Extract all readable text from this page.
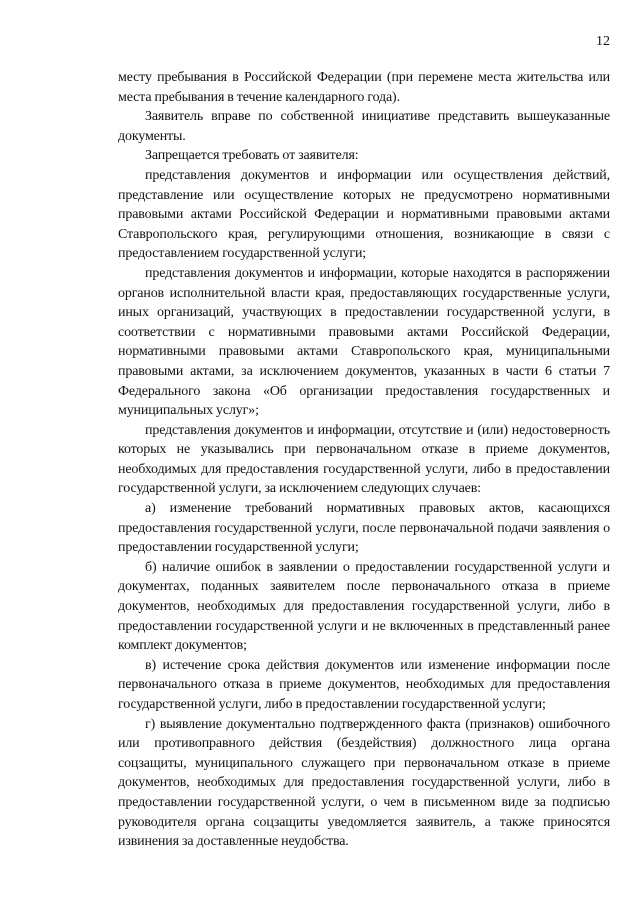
12

месту пребывания в Российской Федерации (при перемене места жительства или места пребывания в течение календарного года).

Заявитель вправе по собственной инициативе представить вышеуказанные документы.

Запрещается требовать от заявителя:

представления документов и информации или осуществления действий, представление или осуществление которых не предусмотрено нормативными правовыми актами Российской Федерации и нормативными правовыми актами Ставропольского края, регулирующими отношения, возникающие в связи с предоставлением государственной услуги;

представления документов и информации, которые находятся в распоряжении органов исполнительной власти края, предоставляющих государственные услуги, иных организаций, участвующих в предоставлении государственной услуги, в соответствии с нормативными правовыми актами Российской Федерации, нормативными правовыми актами Ставропольского края, муниципальными правовыми актами, за исключением документов, указанных в части 6 статьи 7 Федерального закона «Об организации предоставления государственных и муниципальных услуг»;

представления документов и информации, отсутствие и (или) недостоверность которых не указывались при первоначальном отказе в приеме документов, необходимых для предоставления государственной услуги, либо в предоставлении государственной услуги, за исключением следующих случаев:

а) изменение требований нормативных правовых актов, касающихся предоставления государственной услуги, после первоначальной подачи заявления о предоставлении государственной услуги;

б) наличие ошибок в заявлении о предоставлении государственной услуги и документах, поданных заявителем после первоначального отказа в приеме документов, необходимых для предоставления государственной услуги, либо в предоставлении государственной услуги и не включенных в представленный ранее комплект документов;

в) истечение срока действия документов или изменение информации после первоначального отказа в приеме документов, необходимых для предоставления государственной услуги, либо в предоставлении государственной услуги;

г) выявление документально подтвержденного факта (признаков) ошибочного или противоправного действия (бездействия) должностного лица органа соцзащиты, муниципального служащего при первоначальном отказе в приеме документов, необходимых для предоставления государственной услуги, либо в предоставлении государственной услуги, о чем в письменном виде за подписью руководителя органа соцзащиты уведомляется заявитель, а также приносятся извинения за доставленные неудобства.
